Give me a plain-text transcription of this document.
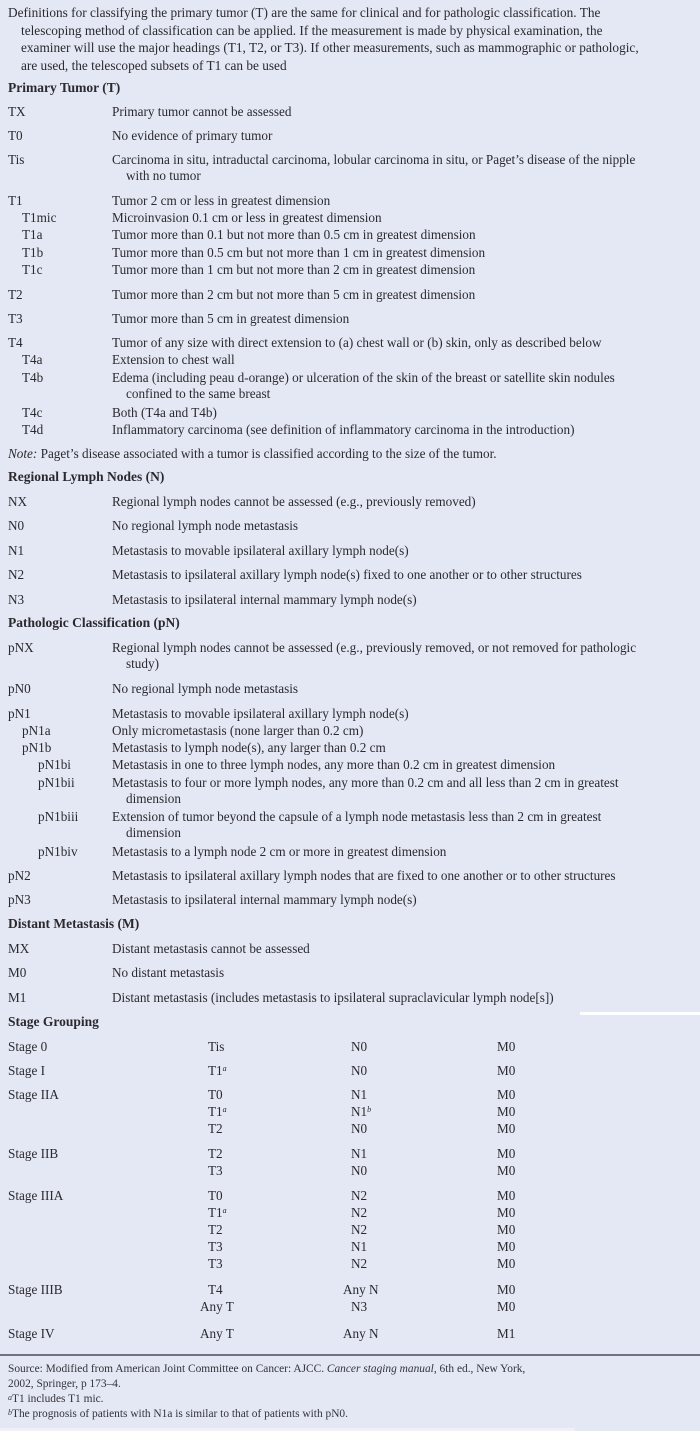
Definitions for classifying the primary tumor (T) are the same for clinical and for pathologic classification. The
telescoping method of classification can be applied. If the measurement is made by physical examination, the
examiner will use the major headings (T1, T2, or T3). If other measurements, such as mammographic or pathologic,
are used, the telescoped subsets of T1 can be used
Primary Tumor (T)
TX	Primary tumor cannot be assessed
T0	No evidence of primary tumor
Tis	Carcinoma in situ, intraductal carcinoma, lobular carcinoma in situ, or Paget’s disease of the nipple
with no tumor
T1	Tumor 2 cm or less in greatest dimension
T1mic	Microinvasion 0.1 cm or less in greatest dimension
T1a	Tumor more than 0.1 but not more than 0.5 cm in greatest dimension
T1b	Tumor more than 0.5 cm but not more than 1 cm in greatest dimension
T1c	Tumor more than 1 cm but not more than 2 cm in greatest dimension
T2	Tumor more than 2 cm but not more than 5 cm in greatest dimension
T3	Tumor more than 5 cm in greatest dimension
T4	Tumor of any size with direct extension to (a) chest wall or (b) skin, only as described below
T4a	Extension to chest wall
T4b	Edema (including peau d-orange) or ulceration of the skin of the breast or satellite skin nodules
confined to the same breast
T4c	Both (T4a and T4b)
T4d	Inflammatory carcinoma (see definition of inflammatory carcinoma in the introduction)
Note: Paget’s disease associated with a tumor is classified according to the size of the tumor.
Regional Lymph Nodes (N)
NX	Regional lymph nodes cannot be assessed (e.g., previously removed)
N0	No regional lymph node metastasis
N1	Metastasis to movable ipsilateral axillary lymph node(s)
N2	Metastasis to ipsilateral axillary lymph node(s) fixed to one another or to other structures
N3	Metastasis to ipsilateral internal mammary lymph node(s)
Pathologic Classification (pN)
pNX	Regional lymph nodes cannot be assessed (e.g., previously removed, or not removed for pathologic
study)
pN0	No regional lymph node metastasis
pN1	Metastasis to movable ipsilateral axillary lymph node(s)
pN1a	Only micrometastasis (none larger than 0.2 cm)
pN1b	Metastasis to lymph node(s), any larger than 0.2 cm
pN1bi	Metastasis in one to three lymph nodes, any more than 0.2 cm in greatest dimension
pN1bii	Metastasis to four or more lymph nodes, any more than 0.2 cm and all less than 2 cm in greatest
dimension
pN1biii	Extension of tumor beyond the capsule of a lymph node metastasis less than 2 cm in greatest
dimension
pN1biv	Metastasis to a lymph node 2 cm or more in greatest dimension
pN2	Metastasis to ipsilateral axillary lymph nodes that are fixed to one another or to other structures
pN3	Metastasis to ipsilateral internal mammary lymph node(s)
Distant Metastasis (M)
MX	Distant metastasis cannot be assessed
M0	No distant metastasis
M1	Distant metastasis (includes metastasis to ipsilateral supraclavicular lymph node[s])
Stage Grouping
Stage 0	Tis	N0	M0
Stage I	T1$^a$	N0	M0
Stage IIA	T0	N1	M0
T1$^a$	N1$^b$	M0
T2	N0	M0
Stage IIB	T2	N1	M0
T3	N0	M0
Stage IIIA	T0	N2	M0
T1$^a$	N2	M0
T2	N2	M0
T3	N1	M0
T3	N2	M0
Stage IIIB	T4	Any N	M0
Any T	N3	M0
Stage IV	Any T	Any N	M1
Source: Modified from American Joint Committee on Cancer: AJCC. Cancer staging manual, 6th ed., New York,
2002, Springer, p 173–4.
$^a$T1 includes T1 mic.
$^b$The prognosis of patients with N1a is similar to that of patients with pN0.
